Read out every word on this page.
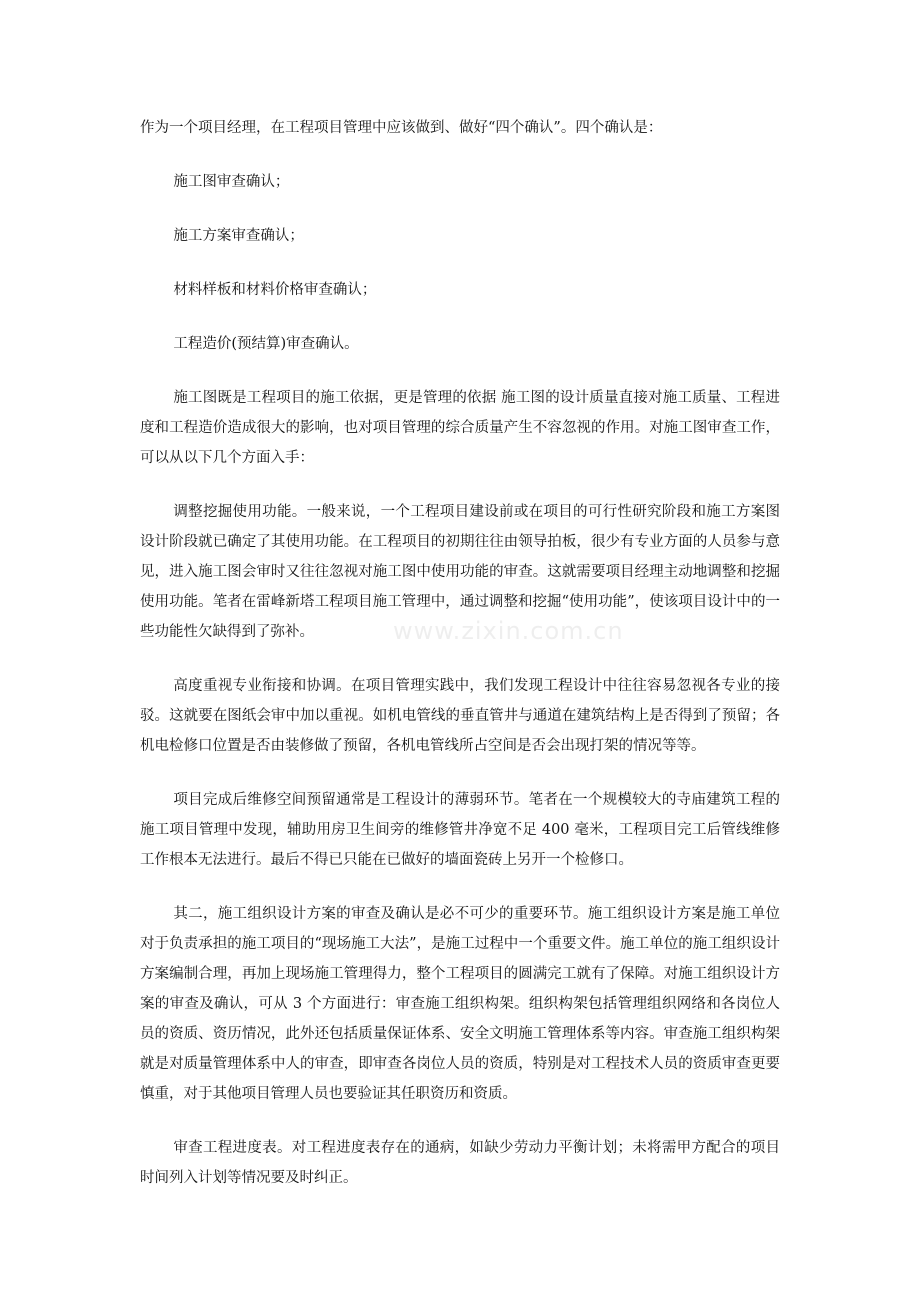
作为一个项目经理，在工程项目管理中应该做到、做好“四个确认”。四个确认是：

施工图审查确认；

施工方案审查确认；

材料样板和材料价格审查确认；

工程造价(预结算)审查确认。

施工图既是工程项目的施工依据，更是管理的依据 施工图的设计质量直接对施工质量、工程进度和工程造价造成很大的影响，也对项目管理的综合质量产生不容忽视的作用。对施工图审查工作，可以从以下几个方面入手：

调整挖掘使用功能。一般来说，一个工程项目建设前或在项目的可行性研究阶段和施工方案图设计阶段就已确定了其使用功能。在工程项目的初期往往由领导拍板，很少有专业方面的人员参与意见，进入施工图会审时又往往忽视对施工图中使用功能的审查。这就需要项目经理主动地调整和挖掘使用功能。笔者在雷峰新塔工程项目施工管理中，通过调整和挖掘“使用功能”，使该项目设计中的一些功能性欠缺得到了弥补。

高度重视专业衔接和协调。在项目管理实践中，我们发现工程设计中往往容易忽视各专业的接驳。这就要在图纸会审中加以重视。如机电管线的垂直管井与通道在建筑结构上是否得到了预留；各机电检修口位置是否由装修做了预留，各机电管线所占空间是否会出现打架的情况等等。

项目完成后维修空间预留通常是工程设计的薄弱环节。笔者在一个规模较大的寺庙建筑工程的施工项目管理中发现，辅助用房卫生间旁的维修管井净宽不足 400 毫米，工程项目完工后管线维修工作根本无法进行。最后不得已只能在已做好的墙面瓷砖上另开一个检修口。

其二，施工组织设计方案的审查及确认是必不可少的重要环节。施工组织设计方案是施工单位对于负责承担的施工项目的“现场施工大法”，是施工过程中一个重要文件。施工单位的施工组织设计方案编制合理，再加上现场施工管理得力，整个工程项目的圆满完工就有了保障。对施工组织设计方案的审查及确认，可从 3 个方面进行：审查施工组织构架。组织构架包括管理组织网络和各岗位人员的资质、资历情况，此外还包括质量保证体系、安全文明施工管理体系等内容。审查施工组织构架就是对质量管理体系中人的审查，即审查各岗位人员的资质，特别是对工程技术人员的资质审查更要慎重，对于其他项目管理人员也要验证其任职资历和资质。

审查工程进度表。对工程进度表存在的通病，如缺少劳动力平衡计划；未将需甲方配合的项目时间列入计划等情况要及时纠正。

www.zixin.com.cn
